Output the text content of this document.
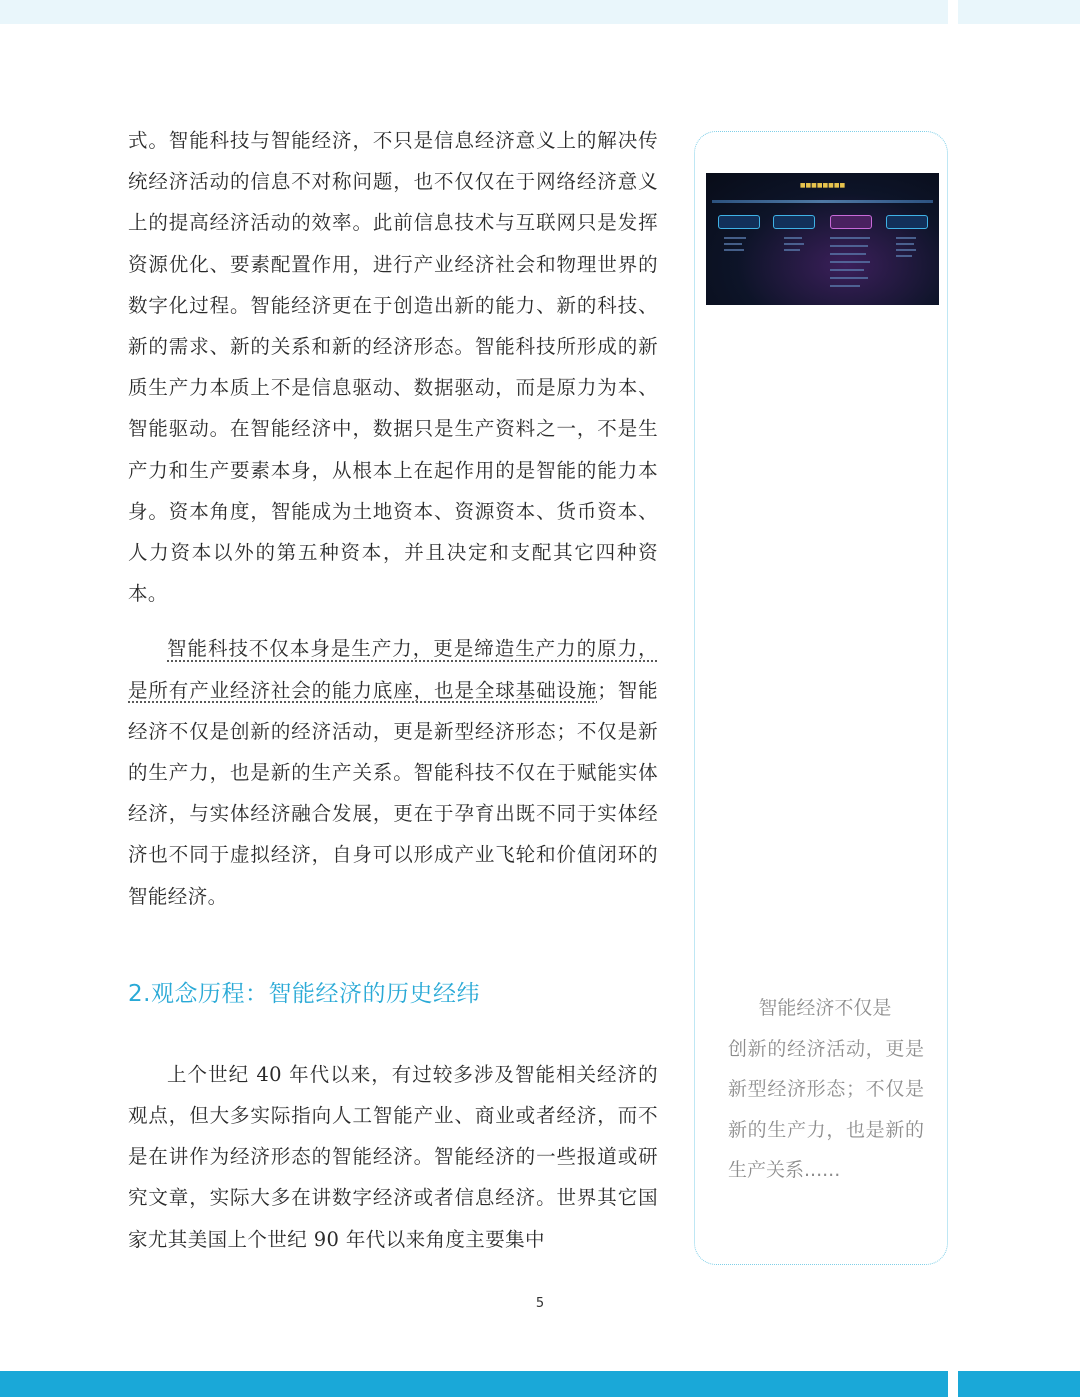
式。智能科技与智能经济，不只是信息经济意义上的解决传统经济活动的信息不对称问题，也不仅仅在于网络经济意义上的提高经济活动的效率。此前信息技术与互联网只是发挥资源优化、要素配置作用，进行产业经济社会和物理世界的数字化过程。智能经济更在于创造出新的能力、新的科技、新的需求、新的关系和新的经济形态。智能科技所形成的新质生产力本质上不是信息驱动、数据驱动，而是原力为本、智能驱动。在智能经济中，数据只是生产资料之一，不是生产力和生产要素本身，从根本上在起作用的是智能的能力本身。资本角度，智能成为土地资本、资源资本、货币资本、人力资本以外的第五种资本，并且决定和支配其它四种资本。

智能科技不仅本身是生产力，更是缔造生产力的原力，是所有产业经济社会的能力底座，也是全球基础设施；智能经济不仅是创新的经济活动，更是新型经济形态；不仅是新的生产力，也是新的生产关系。智能科技不仅在于赋能实体经济，与实体经济融合发展，更在于孕育出既不同于实体经济也不同于虚拟经济，自身可以形成产业飞轮和价值闭环的智能经济。

2.观念历程：智能经济的历史经纬

上个世纪 40 年代以来，有过较多涉及智能相关经济的观点，但大多实际指向人工智能产业、商业或者经济，而不是在讲作为经济形态的智能经济。智能经济的一些报道或研究文章，实际大多在讲数字经济或者信息经济。世界其它国家尤其美国上个世纪 90 年代以来角度主要集中

■■■■■■■■
智能经济不仅是
创新的经济活动，更是新型经济形态；不仅是新的生产力，也是新的生产关系......
5
